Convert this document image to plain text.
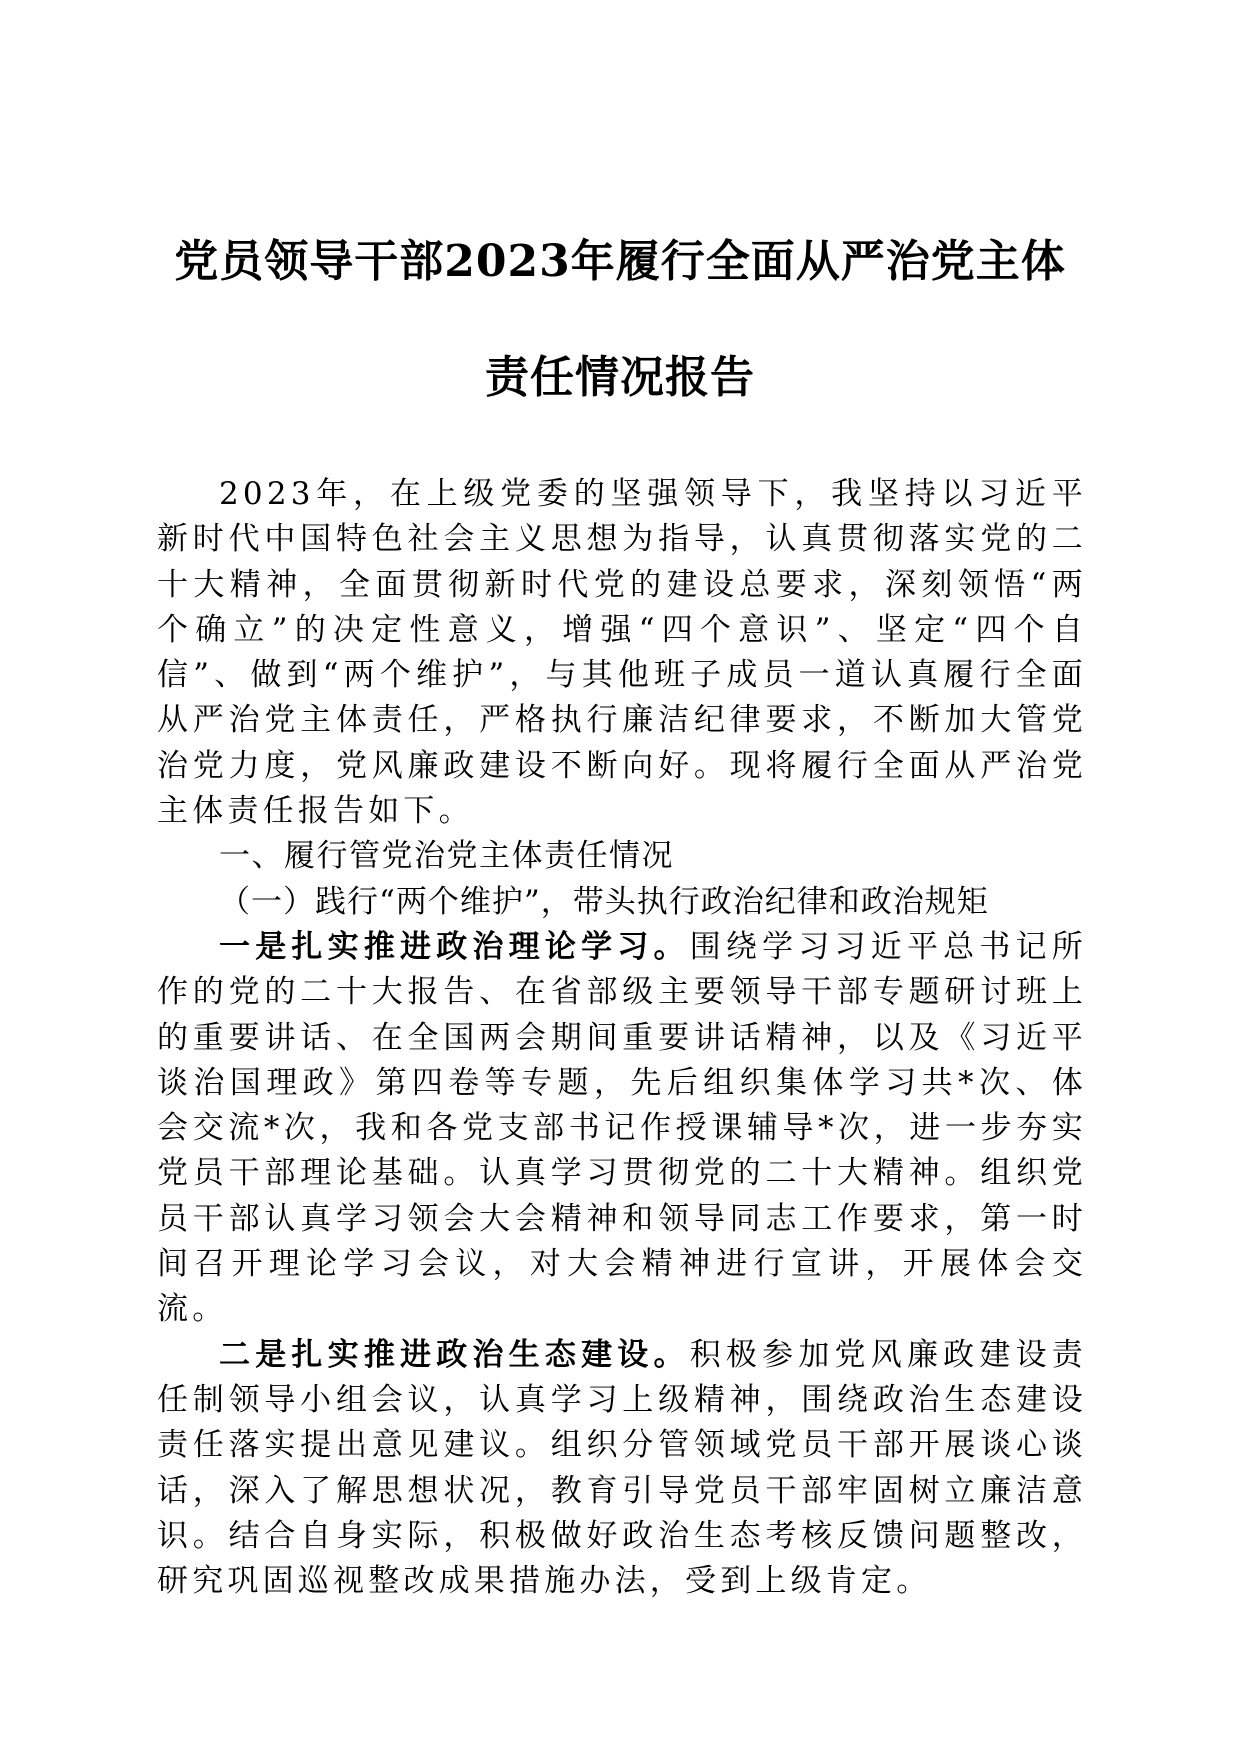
党员领导干部2023年履行全面从严治党主体
责任情况报告

2023年，在上级党委的坚强领导下，我坚持以习近平新时代中国特色社会主义思想为指导，认真贯彻落实党的二十大精神，全面贯彻新时代党的建设总要求，深刻领悟“两个确立”的决定性意义，增强“四个意识”、坚定“四个自信”、做到“两个维护”，与其他班子成员一道认真履行全面从严治党主体责任，严格执行廉洁纪律要求，不断加大管党治党力度，党风廉政建设不断向好。现将履行全面从严治党主体责任报告如下。

一、履行管党治党主体责任情况

（一）践行“两个维护”，带头执行政治纪律和政治规矩

一是扎实推进政治理论学习。围绕学习习近平总书记所作的党的二十大报告、在省部级主要领导干部专题研讨班上的重要讲话、在全国两会期间重要讲话精神，以及《习近平谈治国理政》第四卷等专题，先后组织集体学习共*次、体会交流*次，我和各党支部书记作授课辅导*次，进一步夯实党员干部理论基础。认真学习贯彻党的二十大精神。组织党员干部认真学习领会大会精神和领导同志工作要求，第一时间召开理论学习会议，对大会精神进行宣讲，开展体会交流。

二是扎实推进政治生态建设。积极参加党风廉政建设责任制领导小组会议，认真学习上级精神，围绕政治生态建设责任落实提出意见建议。组织分管领域党员干部开展谈心谈话，深入了解思想状况，教育引导党员干部牢固树立廉洁意识。结合自身实际，积极做好政治生态考核反馈问题整改，研究巩固巡视整改成果措施办法，受到上级肯定。
